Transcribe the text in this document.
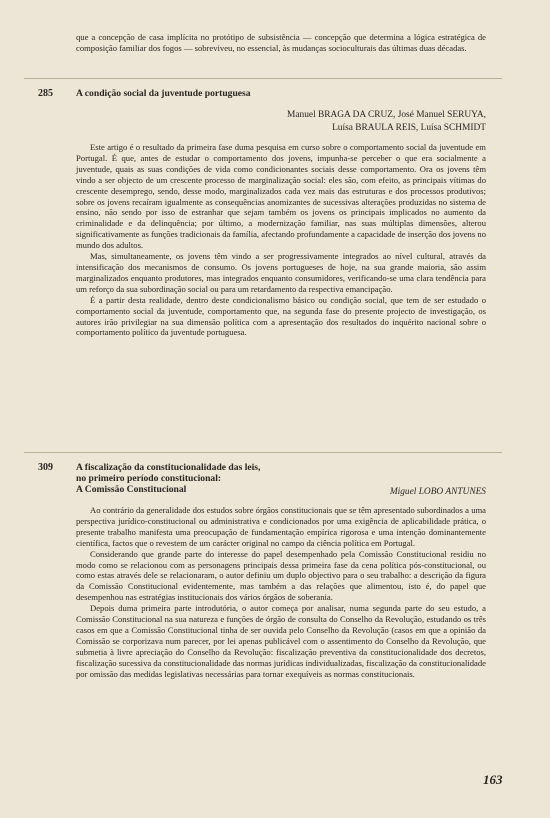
que a concepção de casa implícita no protótipo de subsistência — concepção que determina a lógica estratégica de composição familiar dos fogos — sobreviveu, no essencial, às mudanças socioculturais das últimas duas décadas.

285 A condição social da juventude portuguesa
Manuel BRAGA DA CRUZ, José Manuel SERUYA,
Luísa BRAULA REIS, Luísa SCHMIDT

Este artigo é o resultado da primeira fase duma pesquisa em curso sobre o comportamento social da juventude em Portugal. É que, antes de estudar o comportamento dos jovens, impunha-se perceber o que era socialmente a juventude, quais as suas condições de vida como condicionantes sociais desse comportamento. Ora os jovens têm vindo a ser objecto de um crescente processo de marginalização social: eles são, com efeito, as principais vítimas do crescente desemprego, sendo, desse modo, marginalizados cada vez mais das estruturas e dos processos produtivos; sobre os jovens recaíram igualmente as consequências anomizantes de sucessivas alterações produzidas no sistema de ensino, não sendo por isso de estranhar que sejam também os jovens os principais implicados no aumento da criminalidade e da delinquência; por último, a modernização familiar, nas suas múltiplas dimensões, alterou significativamente as funções tradicionais da família, afectando profundamente a capacidade de inserção dos jovens no mundo dos adultos.

Mas, simultaneamente, os jovens têm vindo a ser progressivamente integrados ao nível cultural, através da intensificação dos mecanismos de consumo. Os jovens portugueses de hoje, na sua grande maioria, são assim marginalizados enquanto produtores, mas integrados enquanto consumidores, verificando-se uma clara tendência para um reforço da sua subordinação social ou para um retardamento da respectiva emancipação.

É a partir desta realidade, dentro deste condicionalismo básico ou condição social, que tem de ser estudado o comportamento social da juventude, comportamento que, na segunda fase do presente projecto de investigação, os autores irão privilegiar na sua dimensão política com a apresentação dos resultados do inquérito nacional sobre o comportamento político da juventude portuguesa.

309 A fiscalização da constitucionalidade das leis,
no primeiro período constitucional:
A Comissão Constitucional	Miguel LOBO ANTUNES

Ao contrário da generalidade dos estudos sobre órgãos constitucionais que se têm apresentado subordinados a uma perspectiva jurídico-constitucional ou administrativa e condicionados por uma exigência de aplicabilidade prática, o presente trabalho manifesta uma preocupação de fundamentação empírica rigorosa e uma intenção dominantemente científica, factos que o revestem de um carácter original no campo da ciência política em Portugal.

Considerando que grande parte do interesse do papel desempenhado pela Comissão Constitucional residiu no modo como se relacionou com as personagens principais dessa primeira fase da cena política pós-constitucional, ou como estas através dele se relacionaram, o autor definiu um duplo objectivo para o seu trabalho: a descrição da figura da Comissão Constitucional evidentemente, mas também a das relações que alimentou, isto é, do papel que desempenhou nas estratégias institucionais dos vários órgãos de soberania.

Depois duma primeira parte introdutória, o autor começa por analisar, numa segunda parte do seu estudo, a Comissão Constitucional na sua natureza e funções de órgão de consulta do Conselho da Revolução, estudando os três casos em que a Comissão Constitucional tinha de ser ouvida pelo Conselho da Revolução (casos em que a opinião da Comissão se corporizava num parecer, por lei apenas publicável com o assentimento do Conselho da Revolução, que submetia à livre apreciação do Conselho da Revolução: fiscalização preventiva da constitucionalidade dos decretos, fiscalização sucessiva da constitucionalidade das normas jurídicas individualizadas, fiscalização da constitucionalidade por omissão das medidas legislativas necessárias para tornar exequíveis as normas constitucionais.

163
